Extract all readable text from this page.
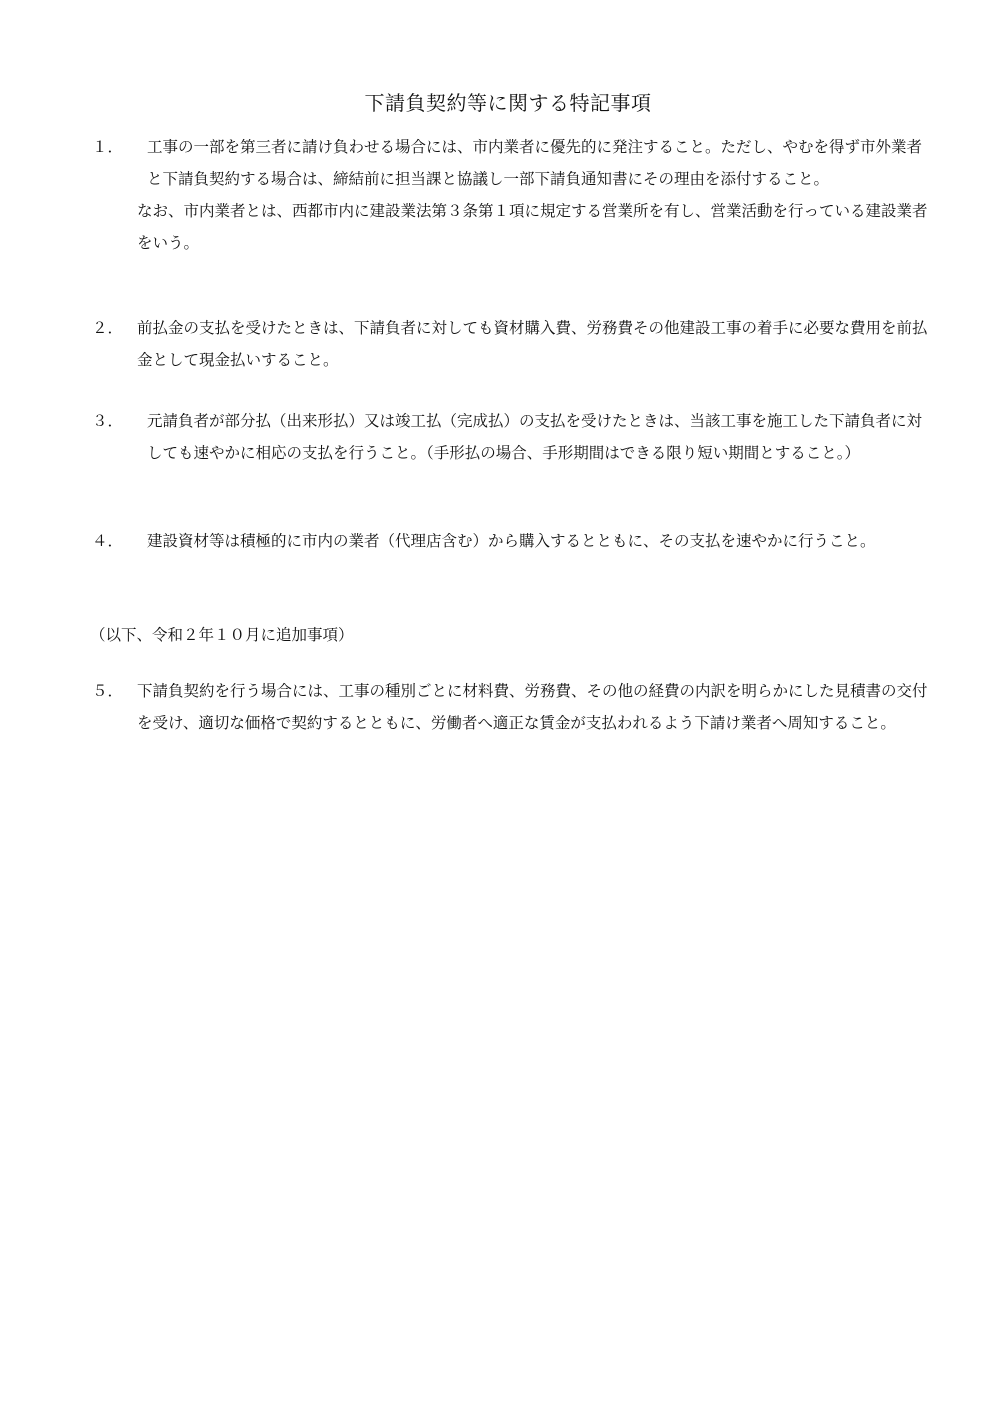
下請負契約等に関する特記事項
１．	工事の一部を第三者に請け負わせる場合には、市内業者に優先的に発注すること。ただし、やむを得ず市外業者と下請負契約する場合は、締結前に担当課と協議し一部下請負通知書にその理由を添付すること。
なお、市内業者とは、西都市内に建設業法第３条第１項に規定する営業所を有し、営業活動を行っている建設業者をいう。
２． 前払金の支払を受けたときは、下請負者に対しても資材購入費、労務費その他建設工事の着手に必要な費用を前払金として現金払いすること。
３．	元請負者が部分払（出来形払）又は竣工払（完成払）の支払を受けたときは、当該工事を施工した下請負者に対しても速やかに相応の支払を行うこと。（手形払の場合、手形期間はできる限り短い期間とすること。）
４．	建設資材等は積極的に市内の業者（代理店含む）から購入するとともに、その支払を速やかに行うこと。
（以下、令和２年１０月に追加事項）
５． 下請負契約を行う場合には、工事の種別ごとに材料費、労務費、その他の経費の内訳を明らかにした見積書の交付を受け、適切な価格で契約するとともに、労働者へ適正な賃金が支払われるよう下請け業者へ周知すること。
